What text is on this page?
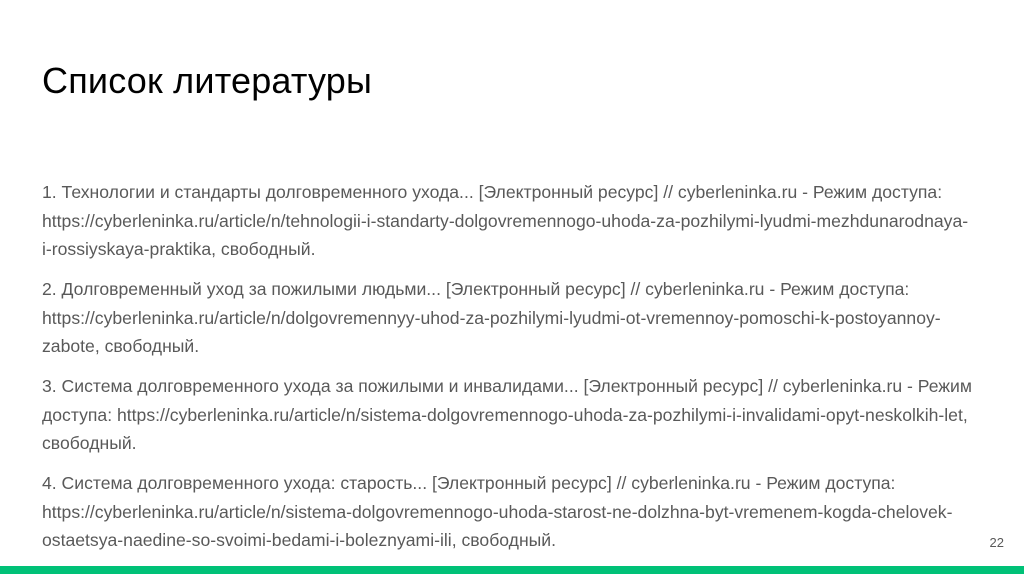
Список литературы
1. Технологии и стандарты долговременного ухода... [Электронный ресурс] // cyberleninka.ru - Режим доступа: https://cyberleninka.ru/article/n/tehnologii-i-standarty-dolgovremennogo-uhoda-za-pozhilymi-lyudmi-mezhdunarodnaya-i-rossiyskaya-praktika, свободный.
2. Долговременный уход за пожилыми людьми... [Электронный ресурс] // cyberleninka.ru - Режим доступа: https://cyberleninka.ru/article/n/dolgovremennyy-uhod-za-pozhilymi-lyudmi-ot-vremennoy-pomoschi-k-postoyannoy-zabote, свободный.
3. Система долговременного ухода за пожилыми и инвалидами... [Электронный ресурс] // cyberleninka.ru - Режим доступа: https://cyberleninka.ru/article/n/sistema-dolgovremennogo-uhoda-za-pozhilymi-i-invalidami-opyt-neskolkih-let, свободный.
4. Система долговременного ухода: старость... [Электронный ресурс] // cyberleninka.ru - Режим доступа: https://cyberleninka.ru/article/n/sistema-dolgovremennogo-uhoda-starost-ne-dolzhna-byt-vremenem-kogda-chelovek-ostaetsya-naedine-so-svoimi-bedami-i-boleznyami-ili, свободный.	22
